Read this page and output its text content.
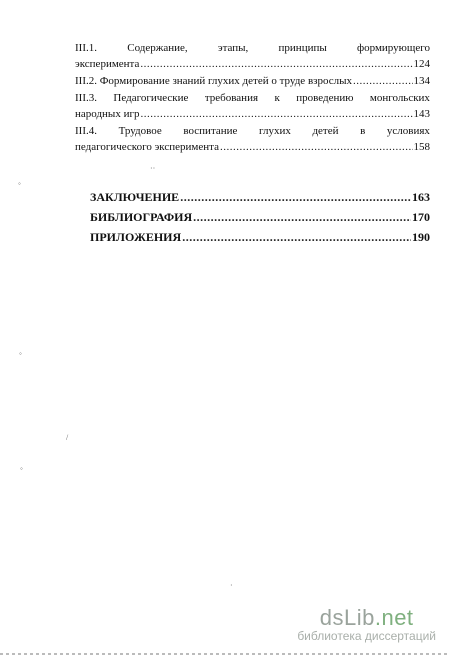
III.1.	Содержание,	этапы,	принципы	формирующего
эксперимента .....	124
III.2. Формирование знаний глухих детей о труде взрослых .....	134
III.3. Педагогические требования к проведению монгольских
народных игр .....	143
III.4. Трудовое воспитание глухих детей в условиях
педагогического эксперимента .....	158
ЗАКЛЮЧЕНИЕ .....	163
БИБЛИОГРАФИЯ .....	170
ПРИЛОЖЕНИЯ .....	190
◦
◦
◦
/
··
·
dsLib.net
библиотека диссертаций
